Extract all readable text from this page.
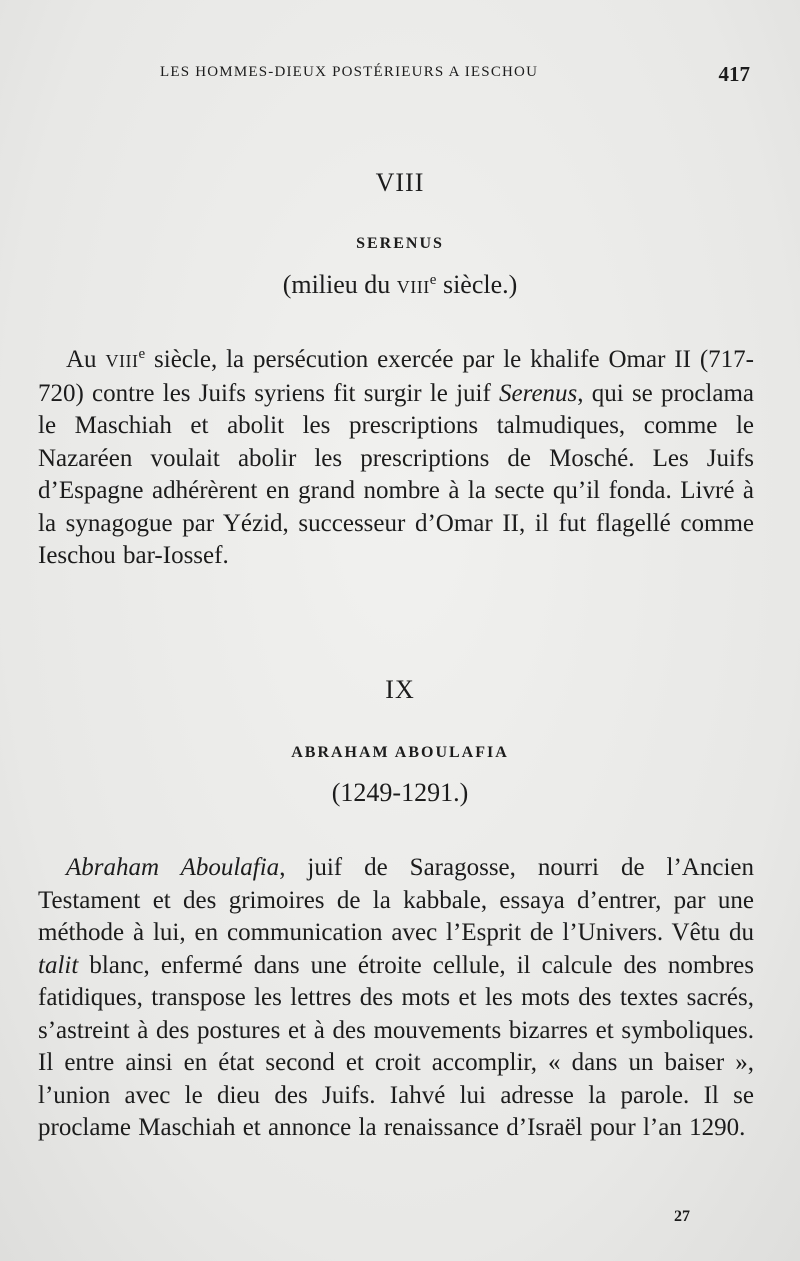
LES HOMMES-DIEUX POSTÉRIEURS A IESCHOU	417
VIII
SERENUS
(milieu du VIIIe siècle.)

Au VIIIe siècle, la persécution exercée par le khalife Omar II (717-720) contre les Juifs syriens fit surgir le juif Serenus, qui se proclama le Maschiah et abolit les prescriptions talmudiques, comme le Nazaréen voulait abolir les prescriptions de Mosché. Les Juifs d’Espagne adhérèrent en grand nombre à la secte qu’il fonda. Livré à la synagogue par Yézid, successeur d’Omar II, il fut flagellé comme Ieschou bar-Iossef.

IX
ABRAHAM ABOULAFIA
(1249-1291.)

Abraham Aboulafia, juif de Saragosse, nourri de l’Ancien Testament et des grimoires de la kabbale, essaya d’entrer, par une méthode à lui, en communication avec l’Esprit de l’Univers. Vêtu du talit blanc, enfermé dans une étroite cellule, il calcule des nombres fatidiques, transpose les lettres des mots et les mots des textes sacrés, s’astreint à des postures et à des mouvements bizarres et symboliques. Il entre ainsi en état second et croit accomplir, « dans un baiser », l’union avec le dieu des Juifs. Iahvé lui adresse la parole. Il se proclame Maschiah et annonce la renaissance d’Israël pour l’an 1290.

27
